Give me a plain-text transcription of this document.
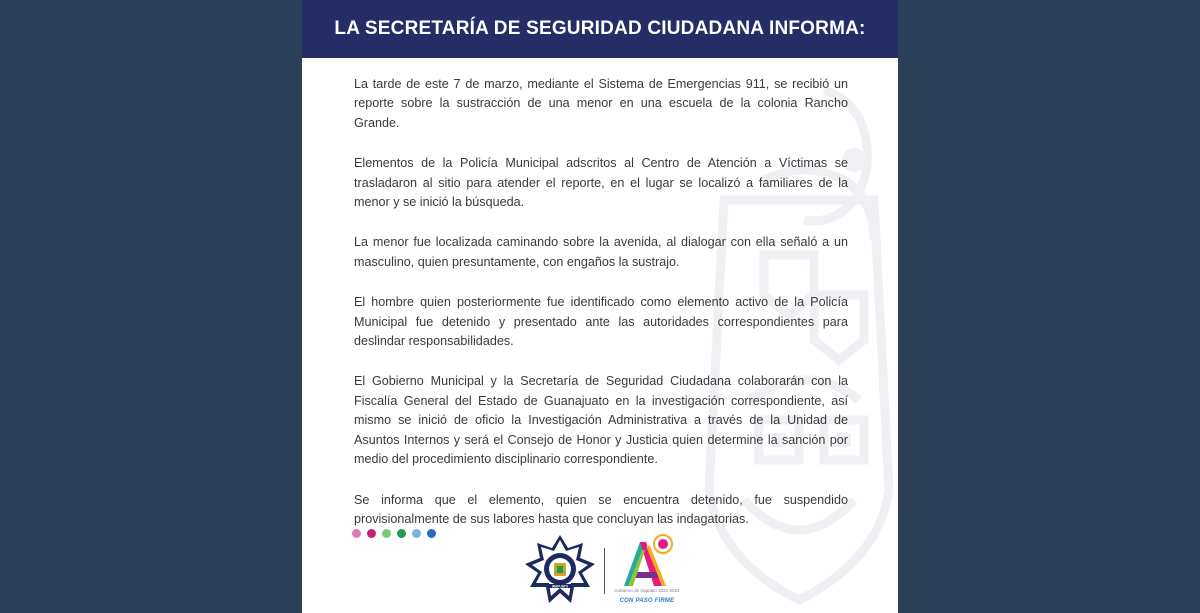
LA SECRETARÍA DE SEGURIDAD CIUDADANA INFORMA:

La tarde de este 7 de marzo, mediante el Sistema de Emergencias 911, se recibió un reporte sobre la sustracción de una menor en una escuela de la colonia Rancho Grande.

Elementos de la Policía Municipal adscritos al Centro de Atención a Víctimas se trasladaron al sitio para atender el reporte, en el lugar se localizó a familiares de la menor y se inició la búsqueda.

La menor fue localizada caminando sobre la avenida, al dialogar con ella señaló a un masculino, quien presuntamente, con engaños la sustrajo.

El hombre quien posteriormente fue identificado como elemento activo de la Policía Municipal fue detenido y presentado ante las autoridades correspondientes para deslindar responsabilidades.

El Gobierno Municipal y la Secretaría de Seguridad Ciudadana colaborarán con la Fiscalía General del Estado de Guanajuato en la investigación correspondiente, así mismo se inició de oficio la Investigación Administrativa a través de la Unidad de Asuntos Internos y será el Consejo de Honor y Justicia quien determine la sanción por medio del procedimiento disciplinario correspondiente.

Se informa que el elemento, quien se encuentra detenido, fue suspendido provisionalmente de sus labores hasta que concluyan las indagatorias.

IRAPUATO
Gobierno de Irapuato 2021-2024
CON PASO FIRME
